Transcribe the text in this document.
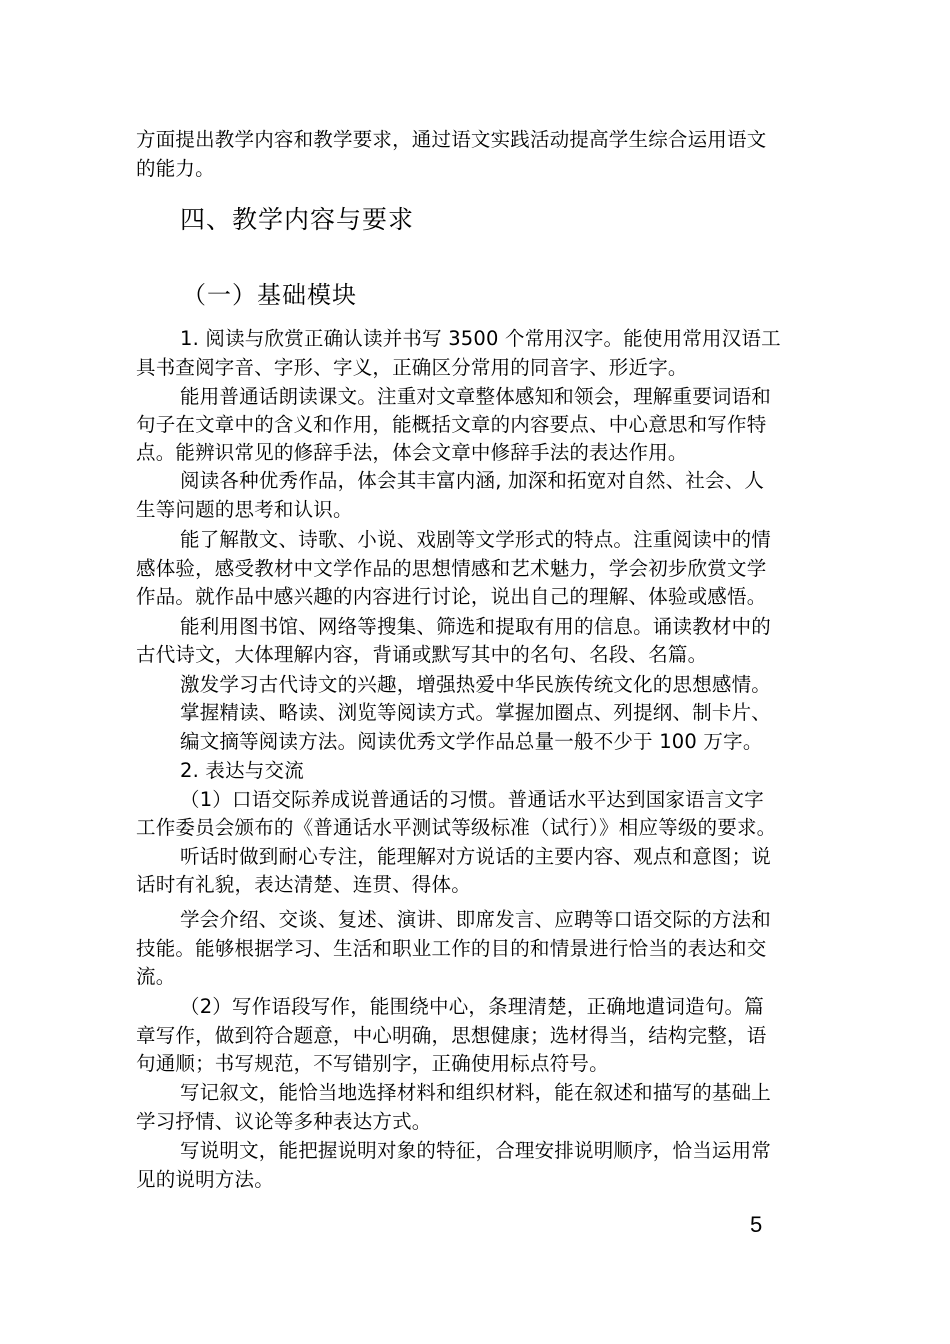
方面提出教学内容和教学要求，通过语文实践活动提高学生综合运用语文
的能力。
四、教学内容与要求
（一）基础模块
1. 阅读与欣赏正确认读并书写 3500 个常用汉字。能使用常用汉语工
具书查阅字音、字形、字义，正确区分常用的同音字、形近字。
能用普通话朗读课文。注重对文章整体感知和领会，理解重要词语和
句子在文章中的含义和作用，能概括文章的内容要点、中心意思和写作特
点。能辨识常见的修辞手法，体会文章中修辞手法的表达作用。
阅读各种优秀作品，体会其丰富内涵, 加深和拓宽对自然、社会、人
生等问题的思考和认识。
能了解散文、诗歌、小说、戏剧等文学形式的特点。注重阅读中的情
感体验，感受教材中文学作品的思想情感和艺术魅力，学会初步欣赏文学
作品。就作品中感兴趣的内容进行讨论，说出自己的理解、体验或感悟。
能利用图书馆、网络等搜集、筛选和提取有用的信息。诵读教材中的
古代诗文，大体理解内容，背诵或默写其中的名句、名段、名篇。
激发学习古代诗文的兴趣，增强热爱中华民族传统文化的思想感情。
掌握精读、略读、浏览等阅读方式。掌握加圈点、列提纲、制卡片、
编文摘等阅读方法。阅读优秀文学作品总量一般不少于 100 万字。
2. 表达与交流
（1）口语交际养成说普通话的习惯。普通话水平达到国家语言文字
工作委员会颁布的《普通话水平测试等级标准（试行）》相应等级的要求。
听话时做到耐心专注，能理解对方说话的主要内容、观点和意图；说
话时有礼貌，表达清楚、连贯、得体。
学会介绍、交谈、复述、演讲、即席发言、应聘等口语交际的方法和
技能。能够根据学习、生活和职业工作的目的和情景进行恰当的表达和交
流。
（2）写作语段写作，能围绕中心，条理清楚，正确地遣词造句。篇
章写作，做到符合题意，中心明确，思想健康；选材得当，结构完整，语
句通顺；书写规范，不写错别字，正确使用标点符号。
写记叙文，能恰当地选择材料和组织材料，能在叙述和描写的基础上
学习抒情、议论等多种表达方式。
写说明文，能把握说明对象的特征，合理安排说明顺序，恰当运用常
见的说明方法。
5
